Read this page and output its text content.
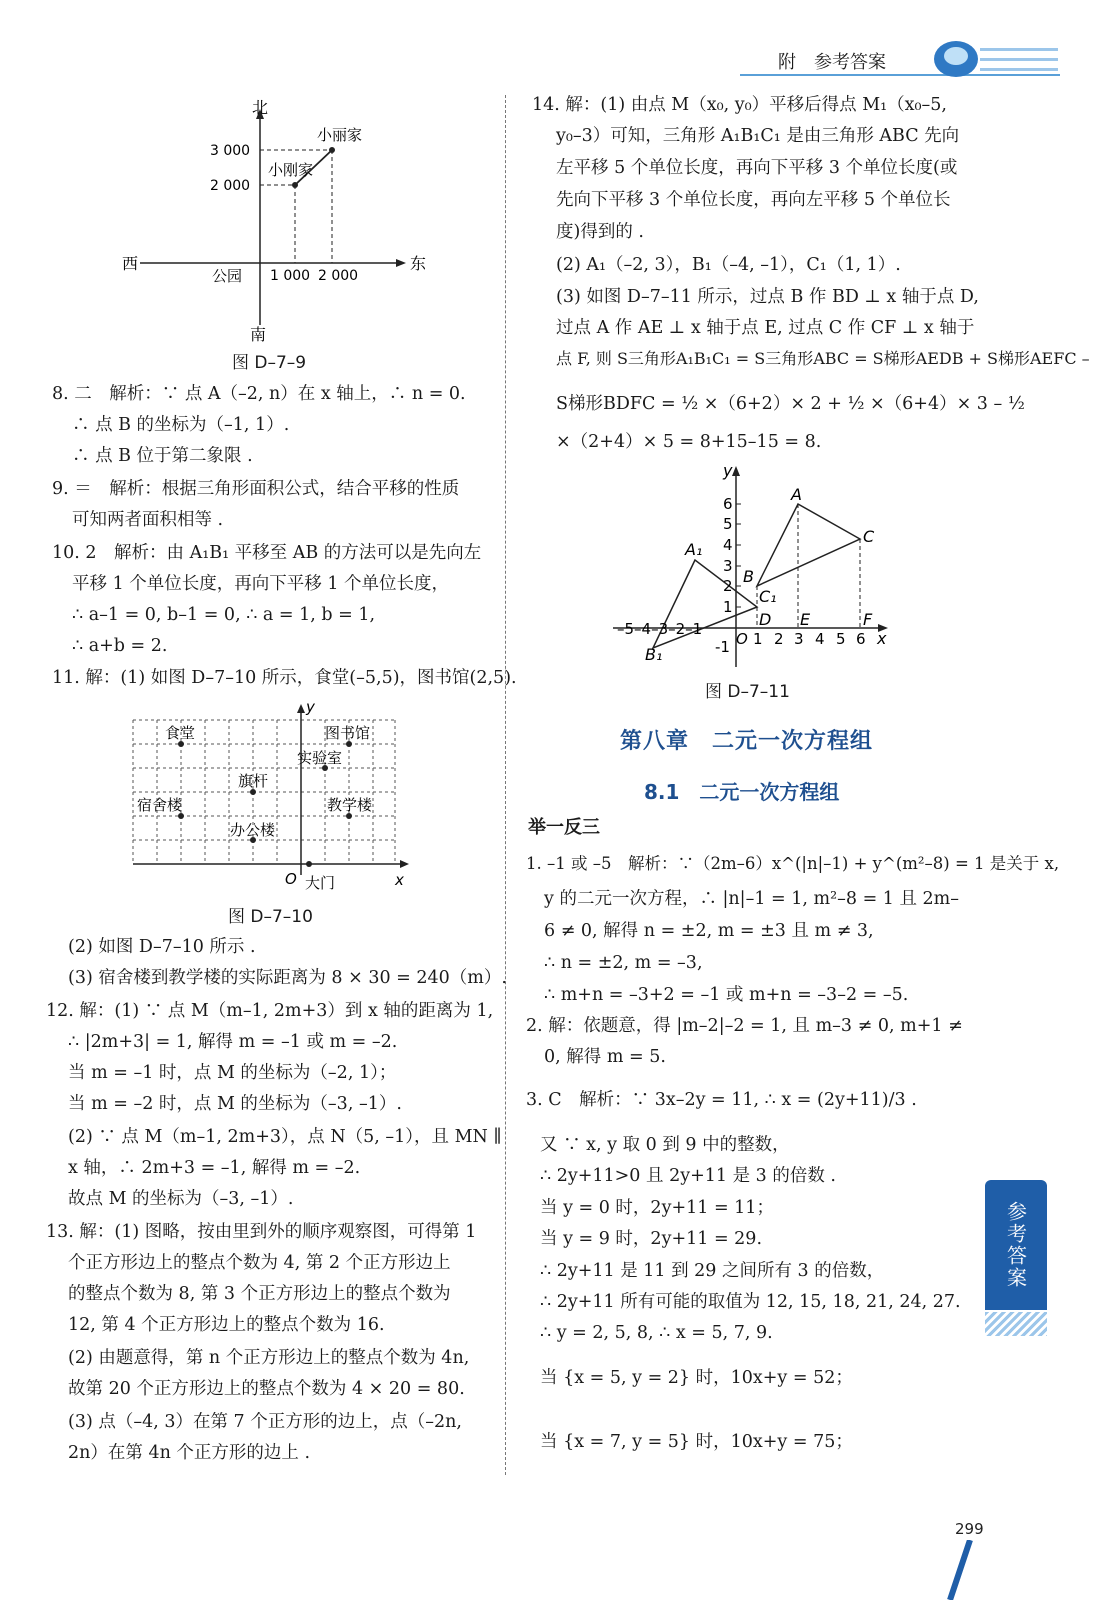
附　参考答案
北
南
东
西
公园
小丽家
小刚家
3 000
2 000
1 000 2 000
图 D–7–9
8. 二　解析：∵ 点 A（–2, n）在 x 轴上，∴ n = 0.
∴ 点 B 的坐标为（–1, 1）.
∴ 点 B 位于第二象限 .
9. ＝　解析：根据三角形面积公式，结合平移的性质
可知两者面积相等 .
10. 2　解析：由 A₁B₁ 平移至 AB 的方法可以是先向左
平移 1 个单位长度，再向下平移 1 个单位长度，
∴ a–1 = 0, b–1 = 0, ∴ a = 1, b = 1,
∴ a+b = 2.
11. 解：(1) 如图 D–7–10 所示，食堂(–5,5)，图书馆(2,5).
y
x
O
食堂	图书馆
实验室
旗杆
宿舍楼	教学楼
办公楼
大门
图 D–7–10
(2) 如图 D–7–10 所示 .
(3) 宿舍楼到教学楼的实际距离为 8 × 30 = 240（m）.
12. 解：(1) ∵ 点 M（m–1, 2m+3）到 x 轴的距离为 1,
∴ |2m+3| = 1, 解得 m = –1 或 m = –2.
当 m = –1 时，点 M 的坐标为（–2, 1）；
当 m = –2 时，点 M 的坐标为（–3, –1）.
(2) ∵ 点 M（m–1, 2m+3），点 N（5, –1），且 MN ∥
x 轴，∴ 2m+3 = –1, 解得 m = –2.
故点 M 的坐标为（–3, –1）.
13. 解：(1) 图略，按由里到外的顺序观察图，可得第 1
个正方形边上的整点个数为 4, 第 2 个正方形边上
的整点个数为 8, 第 3 个正方形边上的整点个数为
12, 第 4 个正方形边上的整点个数为 16.
(2) 由题意得，第 n 个正方形边上的整点个数为 4n,
故第 20 个正方形边上的整点个数为 4 × 20 = 80.
(3) 点（–4, 3）在第 7 个正方形的边上，点（–2n,
2n）在第 4n 个正方形的边上 .
14. 解：(1) 由点 M（x₀, y₀）平移后得点 M₁（x₀–5,
y₀–3）可知，三角形 A₁B₁C₁ 是由三角形 ABC 先向
左平移 5 个单位长度，再向下平移 3 个单位长度(或
先向下平移 3 个单位长度，再向左平移 5 个单位长
度)得到的 .
(2) A₁（–2, 3），B₁（–4, –1），C₁（1, 1）.
(3) 如图 D–7–11 所示，过点 B 作 BD ⊥ x 轴于点 D,
过点 A 作 AE ⊥ x 轴于点 E, 过点 C 作 CF ⊥ x 轴于
点 F, 则 S三角形A₁B₁C₁ = S三角形ABC = S梯形AEDB + S梯形AEFC –
S梯形BDFC = ½ ×（6+2）× 2 + ½ ×（6+4）× 3 – ½
×（2+4）× 5 = 8+15–15 = 8.
A
B
C
A₁
B₁
C₁
D E	F
y
x
O
6
5
4
3
2
1
-1 1 2 3 4 5 6
–5–4–3–2–1
图 D–7–11
第八章　二元一次方程组
8.1　二元一次方程组
举一反三
1. –1 或 –5　解析：∵（2m–6）x^(|n|–1) + y^(m²–8) = 1 是关于 x,
y 的二元一次方程，∴ |n|–1 = 1, m²–8 = 1 且 2m–
6 ≠ 0, 解得 n = ±2, m = ±3 且 m ≠ 3,
∴ n = ±2, m = –3,
∴ m+n = –3+2 = –1 或 m+n = –3–2 = –5.
2. 解：依题意，得 |m–2|–2 = 1, 且 m–3 ≠ 0, m+1 ≠
0, 解得 m = 5.
3. C　解析：∵ 3x–2y = 11, ∴ x = (2y+11)/3 .
又 ∵ x, y 取 0 到 9 中的整数，
∴ 2y+11>0 且 2y+11 是 3 的倍数 .
当 y = 0 时，2y+11 = 11；
当 y = 9 时，2y+11 = 29.
∴ 2y+11 是 11 到 29 之间所有 3 的倍数，
∴ 2y+11 所有可能的取值为 12, 15, 18, 21, 24, 27.
∴ y = 2, 5, 8, ∴ x = 5, 7, 9.
当 {x = 5, y = 2} 时，10x+y = 52；
当 {x = 7, y = 5} 时，10x+y = 75；
参考答案
299
